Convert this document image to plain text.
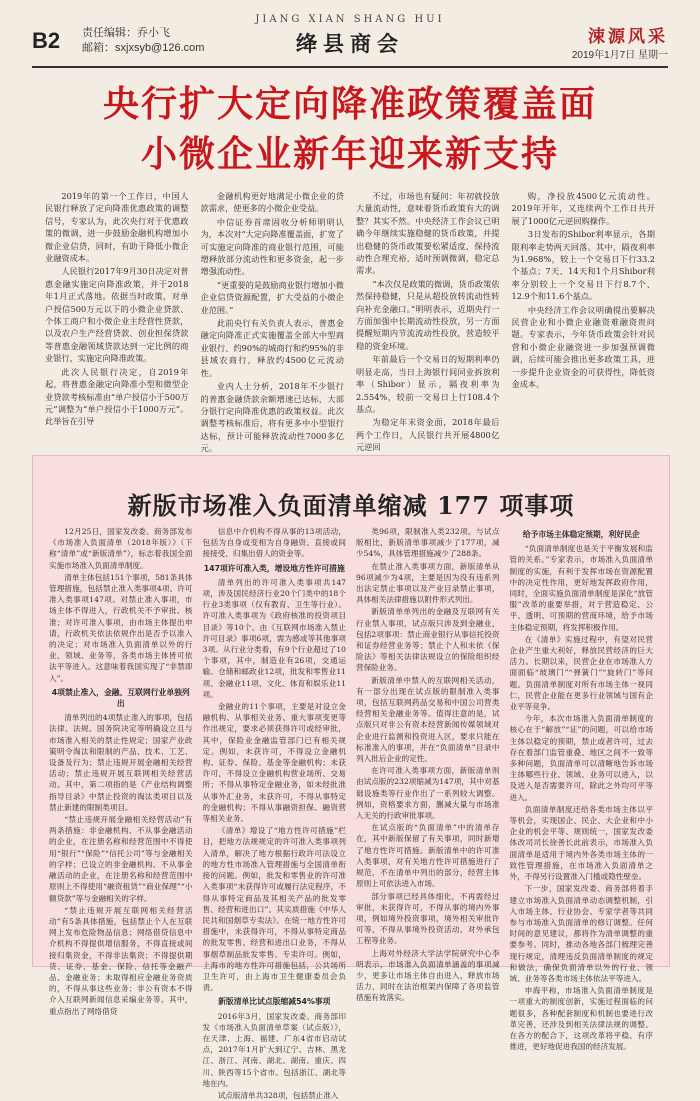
B2 责任编辑：乔小飞
邮箱：sxjxsyb@126.com
JIANG XIAN SHANG HUI
绛县商会	涑源风采
2019年1月7日 星期一
央行扩大定向降准政策覆盖面
小微企业新年迎来新支持

2019年的第一个工作日，中国人民银行释放了定向降准优惠政策的调整信号，专家认为，此次央行对于优惠政策的微调，进一步鼓励金融机构增加小微企业信贷，同时，有助于降低小微企业融资成本。

人民银行2017年9月30日决定对普惠金融实施定向降准政策，并于2018年1月正式落地。依据当时政策，对单户授信500万元以下的小微企业贷款、个体工商户和小微企业主经营性贷款，以及农户生产经营贷款、创业担保贷款等普惠金融领域贷款达到一定比例的商业银行，实施定向降准政策。

此次人民银行决定，自2019年起，将普惠金融定向降准小型和微型企业贷款考核标准由“单户授信小于500万元”调整为“单户授信小于1000万元”。此举旨在引导

金融机构更好地满足小微企业的贷款需求，使更多的小微企业受益。

中信证券首席固收分析师明明认为，本次对“大定向降准覆盖面，扩宽了可实施定向降准的商业银行范围，可能增释放部分流动性和更多资金，起一步增强流动性。

“更重要的是鼓励商业银行增加小微企业信贷资源配置，扩大受益的小微企业范围。”

此前央行有关负责人表示，普惠金融定向降准正式实施覆盖全部大中型商业银行、约90%的城商行和约95%的非县域农商行，释放约4500亿元流动性。

业内人士分析，2018年不少银行的普惠金融贷款余额增速已达标，大部分银行定向降准优惠的政策权益。此次调整考核标准后，将有更多中小型银行达标，预计可能释放流动性7000多亿元。

不过，市场也有疑问：年初就投放大量流动性，意味着货币政策有大的调整？其实不然。中央经济工作会议已明确今年继续实施稳健的货币政策，并提出稳健的货币政策要松紧适度，保持流动性合理充裕，适时预调微调，稳定总需求。

“本次仅是政策的微调，货币政策依然保持稳健，只是从超投放转流动性转向补充金融口。”明明表示，近期央行一方面加强中长期流动性投放，另一方面提醒短期内节流流动性投放，营造较平稳的资金环境。

年前最后一个交易日的短期利率仍明显走高，当日上海银行间同业拆放利率（Shibor）显示，隔夜利率为2.554%，较前一交易日上行108.4个基点。

为稳定年末资金面，2018年最后两个工作日，人民银行共开展4800亿元逆回

购，净投放4500亿元流动性。2019年开年，又连续两个工作日共开展了1000亿元逆回购操作。

3日发布的Shibor利率显示，各期限利率走势两天回落。其中，隔夜利率为1.968%，较上一个交易日下行33.2个基点；7天、14天和1个月Shibor利率分别较上一个交易日下行8.7个、12.9个和11.6个基点。

中央经济工作会议明确提出要解决民营企业和小微企业融资难融资贵问题。专家表示，今年货币政策会针对民营和小微企业融资进一步加强预调微调，后续可能会推出更多政策工具，进一步提升企业资金的可获得性，降低资金成本。

新版市场准入负面清单缩减 177 项事项

12月25日，国家发改委、商务部发布《市场准入负面清单（2018年版）》（下称“清单”或“新版清单”），标志着我国全面实施市场准入负面清单制度。

清单主体包括151个事项，581条具体管理措施，包括禁止准入类事项4项、许可准入类事项147项。对禁止准入事项，市场主体不得进入，行政机关不予审批、核准；对许可准入事项，由市场主体提出申请，行政机关依法依规作出是否予以准入的决定；对市场准入负面清单以外的行业、领域、业务等，各类市场主体皆可依法平等进入。这意味着我国实现了“非禁即入”。

4项禁止准入，金融、互联网行业单独列出

清单列出的4项禁止准入的事项，包括法律、法规、国务院决定等明确设立且与市场准入相关的禁止性规定；国家产业政策明令淘汰和限制的产品、技术、工艺、设备及行为；禁止违规开展金融相关经营活动；禁止违规开展互联网相关经营活动。其中，第二项指的是《产业结构调整指导目录》中禁止投资的淘汰类项目以及禁止新建的限制类项目。

“禁止违规开展金融相关经营活动”有两条措施：非金融机构、不从事金融活动的企业，在注册名称和经营范围中不得使用“银行”“保险”“信托公司”等与金融相关的字样；已设立的非金融机构、不从事金融活动的企业，在注册名称和经营范围中原则上不得使用“融资租赁”“商业保理”“小额贷款”等与金融相关的字样。

“禁止违规开展互联网相关经营活动”有5条具体措施，包括禁止个人在互联网上发布危险物品信息；网络借贷信息中介机构不得提供增信服务，不得直接或间接归集资金，不得非法集资；不得提供期货、证券、基金、保险、信托等金融产品、金融业务；未取得相应金融业务资质的，不得从事这些业务；非公有资本不得介入互联网新闻信息采编业务等。其中，重点指出了网络借贷

信息中介机构不得从事的13项活动，包括为自身或变相为自身融资、直接或间接接受、归集出借人的资金等。

147项许可准入类，增设地方性许可措施

清单列出的许可准入类事项共147项，涉及国民经济行业20个门类中的18个行业3类事项（仅有教育、卫生等行业）。许可准入类事项为《政府核准的投资项目目录》等10个。由《互联网市场准入禁止许可目录》事项6项，需为感或等其他事项3项。从行业分类看，有9个行业超过了10个事项，其中，制造业有26项，交通运输、仓储和邮政业12项，批发和零售业11项、金融业11项、文化、体育和娱乐业11项。

金融业的11个事项，主要是对设立金融机构、从事相关业务、重大事项变更等作出规定，要求必须获得许可或经审批，其中，保险业金融监管部门已有相关规定。例如，未获许可，不得设立金融机构、证券、保险、基金等金融机构；未获许可，不得设立金融机构营业场所、交易所；不得从事特定金融业务，如未经批准从事外汇业务，未获许可，不得从事特定的金融机构；不得从事融资担保、融资营等相关业务。

《清单》增设了“地方性许可措施”栏目，把地方法规规定的许可准入类事项列入清单，解决了地方根据行政许可法设立的地方性市场准入管理措施与全国清单衔接的问题。例如，批发和零售业的许可准入类事项“未获得许可或履行法定程序，不得从事特定商品及其相关产品的批发零售、经营和进出口”。其实质措施《中华人民共和国烟草专卖法》。在统一地方性许可措施中，未获得许可，不得从事特定商品的批发零售、经营和进出口业务，不得从事烟草制品批发零售、专卖许可。例如，上海市的地方性许可措施包括，公共场所卫生许可，由上海市卫生健康委员会负责。

新版清单比试点版缩减54%事项

2016年3月，国家发改委、商务部印发《市场准入负面清单草案（试点版）》，在天津、上海、福建、广东4省市启动试点，2017年1月扩大到辽宁、吉林、黑龙江、浙江、河南、湖北、湖南、重庆、四川、陕西等15个省市。包括浙江、湖北等地在内。

试点版清单共328项，包括禁止准入

类96项，限制准入类232项。与试点版相比，新版清单事项减少了177项，减少54%，具体管理措施减少了288条。

在禁止准入类事项方面，新版清单从96项减少为4项，主要是因为没有违系列出法定禁止事项以及产业目录禁止事项，具体相关法律措施以附件形式列出。

新版清单单列出的金融及互联网有关行业禁入事项，试点版只涉及到金融业，包括2项事项：禁止商业银行从事信托投资和证券经营业务等；禁止个人和未依《保险法》等相关法律法规设立的保险组织经营保险业务。

新版清单中禁入的互联网相关活动，有一部分出现在试点版的限制准入类事项，包括互联网药品交易和中国公司营类经营相关金融业务等。值得注意的是，试点版只对非公有资本经营新闻传媒领域对企业进行监测和投资进入区，要求只能在标准准入的事项，并在“负面清单”目录中列入批后企业的定性。

在许可准入类事项方面，新版清单则由试点版的232项缩减为147项，其中对基础设施类等行业作出了一系列较大调整。例如，资格要求方面，删减大量与市场准入无关的行政审批事项。

在试点版的“负面清单”中的清单存在，其中新版保留了有关事项，同时新增了地方性许可措施。新版清单中的许可准入类事项，对有关地方性许可措施进行了规范，不在清单中列出的部分，经营主体原则上可依法进入市场。

部分事项已经具体细化，不再需经过审批，未获得许可，不得从事的境内外事项，例如境外投资事项，境外相关审批许可等，不得从事境外投资活动、对外承包工程等业务。

上海对外经济大学法学院研究中心李明表示，市场准入负面清单涵盖的事项减少，更多让市场主体自由进入，释放市场活力，同时在法治框架内保障了各项监管措施有效落实。

给予市场主体稳定预期，利好民企

“负面清单制度也是关于平衡发展和监管的关系。”专家表示，市场准入负面清单制度的实施，有利于发挥市场在资源配置中的决定性作用，更好地发挥政府作用，同时，全面实施负面清单制度是深化“放管服”改革的重要举措，对于营造稳定、公平、透明、可预期的营商环境，给予市场主体稳定预期，将发挥积极作用。

在《清单》实施过程中，有望对民营企业产生重大利好，释放民营经济的巨大活力。长期以来，民营企业在市场准入方面面临“玻璃门”“弹簧门”“旋转门”等问题。负面清单制度对所有市场主体一视同仁，民营企业能在更多行业领域与国有企业平等竞争。

今年，本次市场准入负面清单制度的核心在于“解放”“证”的问题，可以给市场主体以稳定的预期，禁止或者许可，过去存在着部门监管重叠、地区之间不一致等多种问题，负面清单可以清晰地告诉市场主体哪些行业、领域、业务可以进入，以及进入是否需要许可，除此之外均可平等进入。

负面清单制度还给各类市场主体以平等机会，实现国企、民企、大企业和中小企业的机会平等、规则统一，国家发改委体改司司长徐善长此前表示，市场准入负面清单是适用于境内外各类市场主体的一致性管理措施，在市场准入负面清单之外，不得另行设置准入门槛或隐性壁垒。

下一步，国家发改委、商务部将着手建立市场准入负面清单动态调整机制，引入市场主体、行业协会、专家学者等共同参与市场准入负面清单的修订调整。任何时间的意见建议，都将作为清单调整的重要参考。同时，推动各地各部门梳理完善现行规定，清理违反负面清单制度的规定和做法，确保负面清单以外的行业、领域、业务等各类市场主体依法平等进入。

申海平称，市场准入负面清单制度是一项重大的制度创新，实施过程面临的问题很多，各种配套制度和机制也要进行改革完善，还涉及到相关法律法规的调整。在各方的配合下，这项改革将平稳、有序推进，更好地促进我国的经济发展。
